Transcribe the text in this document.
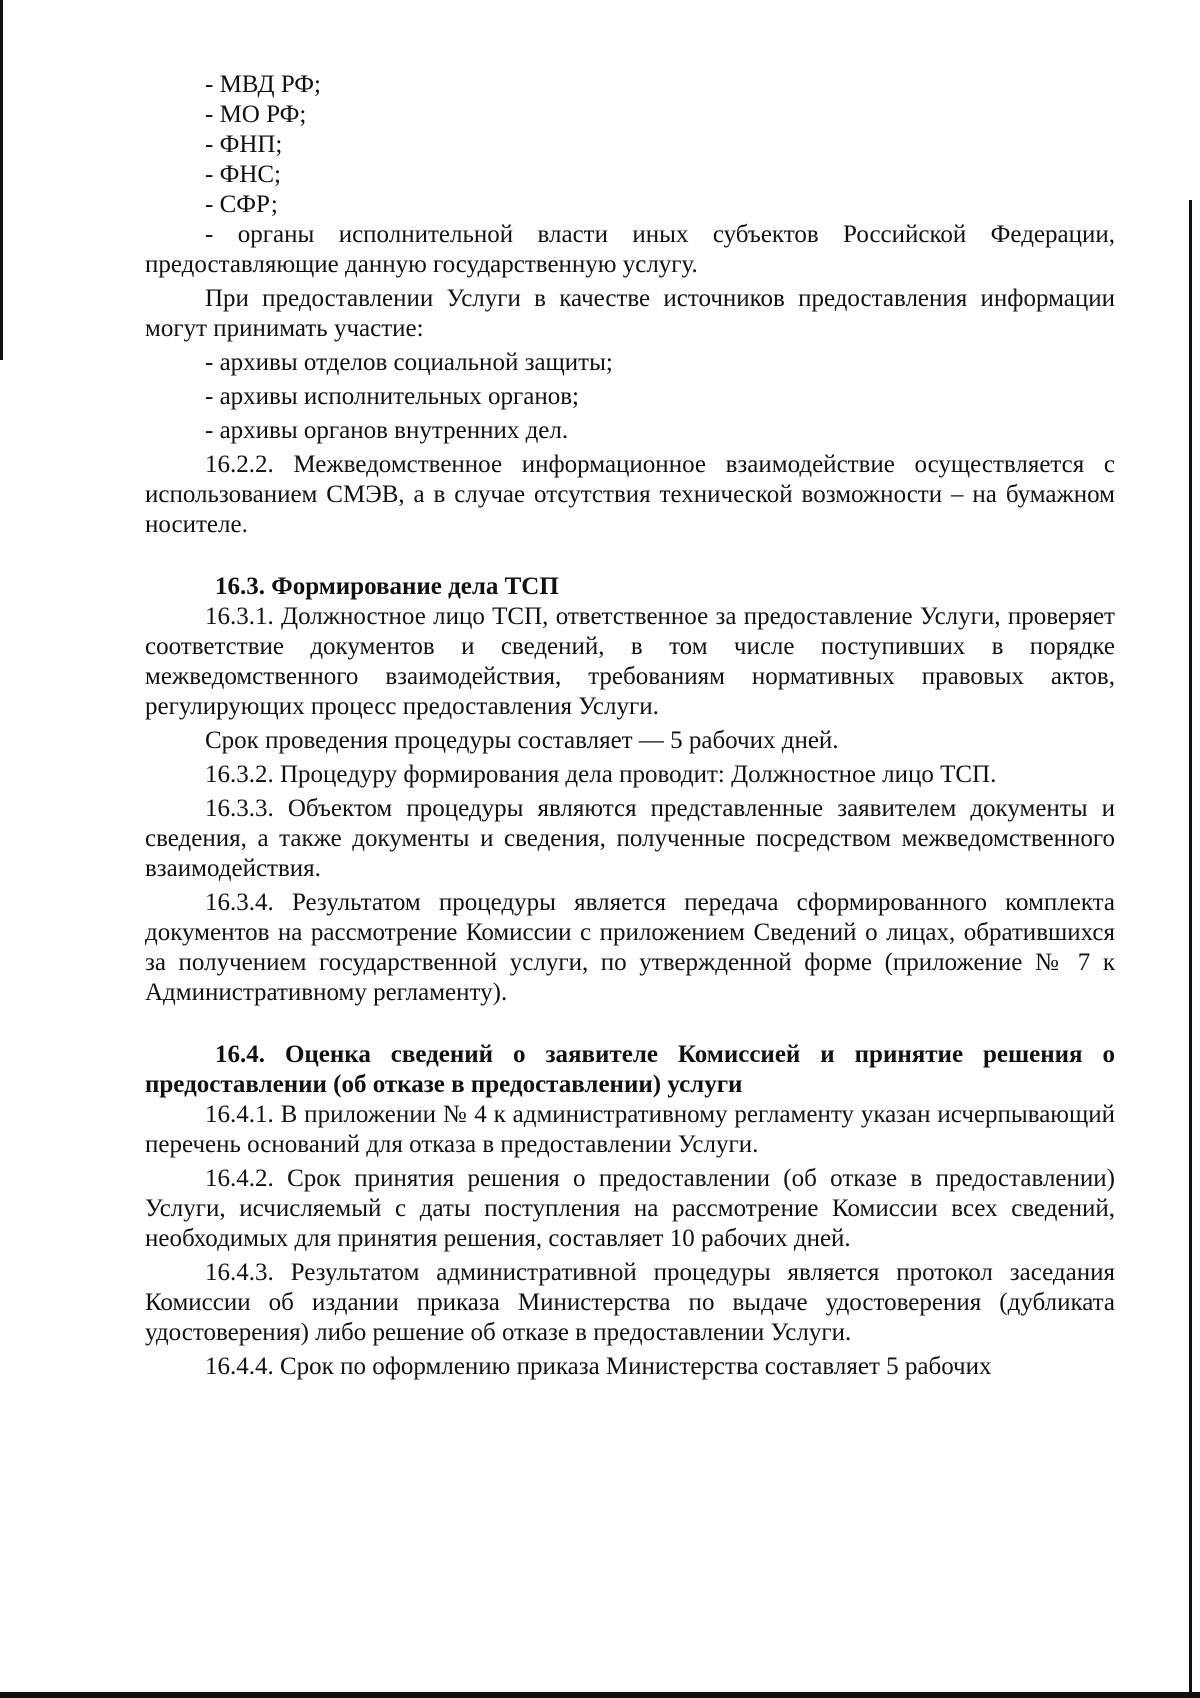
- МВД РФ;

- МО РФ;

- ФНП;

- ФНС;

- СФР;

- органы исполнительной власти иных субъектов Российской Федерации, предоставляющие данную государственную услугу.

При предоставлении Услуги в качестве источников предоставления информации могут принимать участие:

- архивы отделов социальной защиты;

- архивы исполнительных органов;

- архивы органов внутренних дел.

16.2.2. Межведомственное информационное взаимодействие осуществляется с использованием СМЭВ, а в случае отсутствия технической возможности – на бумажном носителе.

16.3. Формирование дела ТСП

16.3.1. Должностное лицо ТСП, ответственное за предоставление Услуги, проверяет соответствие документов и сведений, в том числе поступивших в порядке межведомственного взаимодействия, требованиям нормативных правовых актов, регулирующих процесс предоставления Услуги.

Срок проведения процедуры составляет — 5 рабочих дней.

16.3.2. Процедуру формирования дела проводит: Должностное лицо ТСП.

16.3.3. Объектом процедуры являются представленные заявителем документы и сведения, а также документы и сведения, полученные посредством межведомственного взаимодействия.

16.3.4. Результатом процедуры является передача сформированного комплекта документов на рассмотрение Комиссии с приложением Сведений о лицах, обратившихся за получением государственной услуги, по утвержденной форме (приложение № 7 к Административному регламенту).

16.4. Оценка сведений о заявителе Комиссией и принятие решения о предоставлении (об отказе в предоставлении) услуги

16.4.1. В приложении № 4 к административному регламенту указан исчерпывающий перечень оснований для отказа в предоставлении Услуги.

16.4.2. Срок принятия решения о предоставлении (об отказе в предоставлении) Услуги, исчисляемый с даты поступления на рассмотрение Комиссии всех сведений, необходимых для принятия решения, составляет 10 рабочих дней.

16.4.3. Результатом административной процедуры является протокол заседания Комиссии об издании приказа Министерства по выдаче удостоверения (дубликата удостоверения) либо решение об отказе в предоставлении Услуги.

16.4.4. Срок по оформлению приказа Министерства составляет 5 рабочих
